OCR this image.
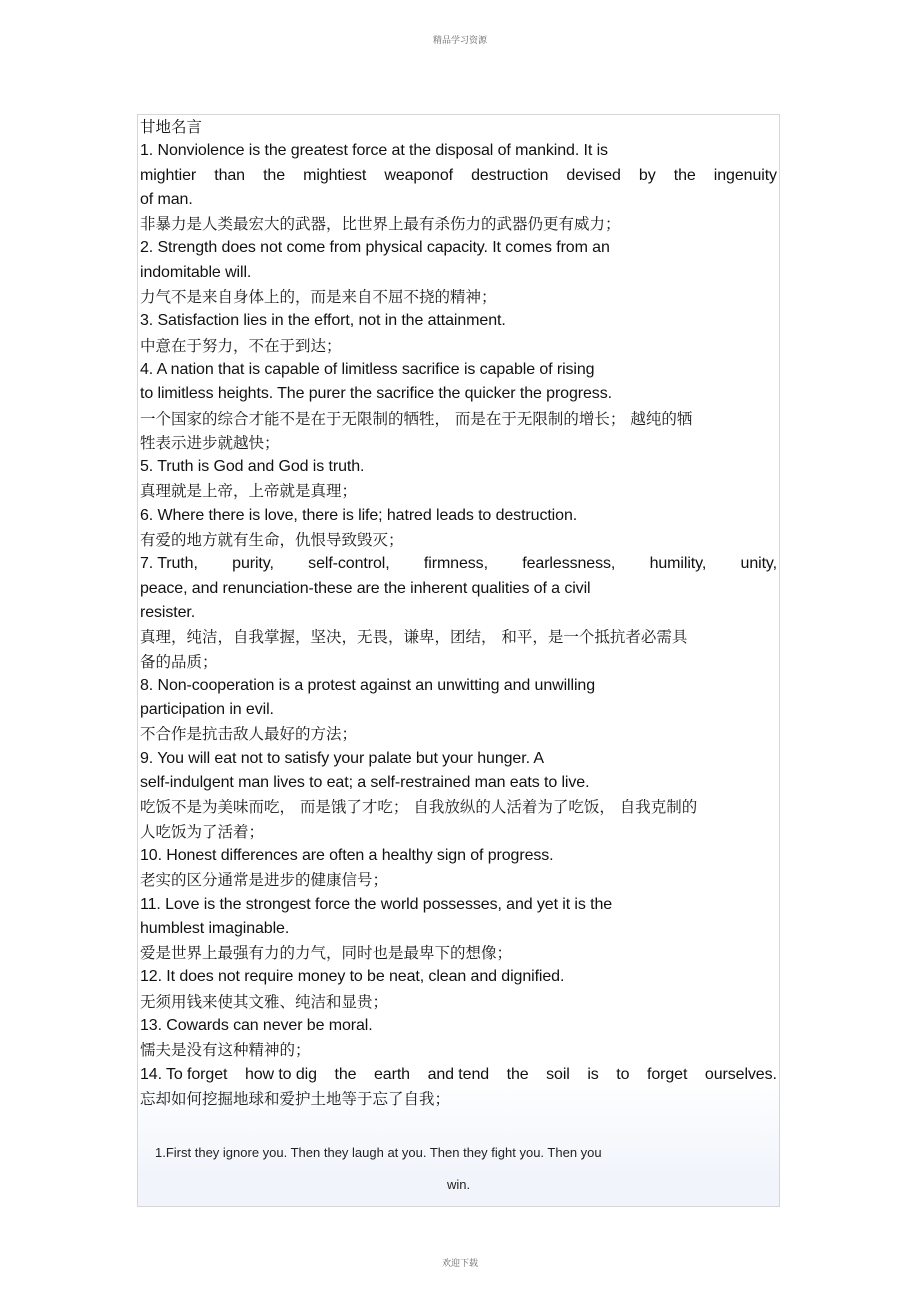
精品学习资源
甘地名言
1. Nonviolence is the greatest force at the disposal of mankind. It is
mightier than the mightiest weaponof destruction devised by the ingenuity
of man.
非暴力是人类最宏大的武器，比世界上最有杀伤力的武器仍更有威力；
2. Strength does not come from physical capacity. It comes from an
indomitable will.
力气不是来自身体上的，而是来自不屈不挠的精神；
3. Satisfaction lies in the effort, not in the attainment.
中意在于努力，不在于到达；
4. A nation that is capable of limitless sacrifice is capable of rising
to limitless heights. The purer the sacrifice the quicker the progress.
一个国家的综合才能不是在于无限制的牺牲， 而是在于无限制的增长； 越纯的牺
牲表示进步就越快；
5. Truth is God and God is truth.
真理就是上帝，上帝就是真理；
6. Where there is love, there is life; hatred leads to destruction.
有爱的地方就有生命，仇恨导致毁灭；
7. Truth, purity, self-control, firmness, fearlessness, humility, unity,
peace, and renunciation-these are the inherent qualities of a civil
resister.
真理，纯洁，自我掌握，坚决，无畏，谦卑，团结， 和平，是一个抵抗者必需具
备的品质；
8. Non-cooperation is a protest against an unwitting and unwilling
participation in evil.
不合作是抗击敌人最好的方法；
9. You will eat not to satisfy your palate but your hunger. A
self-indulgent man lives to eat; a self-restrained man eats to live.
吃饭不是为美味而吃， 而是饿了才吃； 自我放纵的人活着为了吃饭， 自我克制的
人吃饭为了活着；
10. Honest differences are often a healthy sign of progress.
老实的区分通常是进步的健康信号；
11. Love is the strongest force the world possesses, and yet it is the
humblest imaginable.
爱是世界上最强有力的力气，同时也是最卑下的想像；
12. It does not require money to be neat, clean and dignified.
无须用钱来使其文雅、纯洁和显贵；
13. Cowards can never be moral.
懦夫是没有这种精神的；
14. To forget how to dig the earth and tend the soil is to forget ourselves.
忘却如何挖掘地球和爱护土地等于忘了自我；
1.First they ignore you. Then they laugh at you. Then they fight you. Then you
win.
欢迎下载
